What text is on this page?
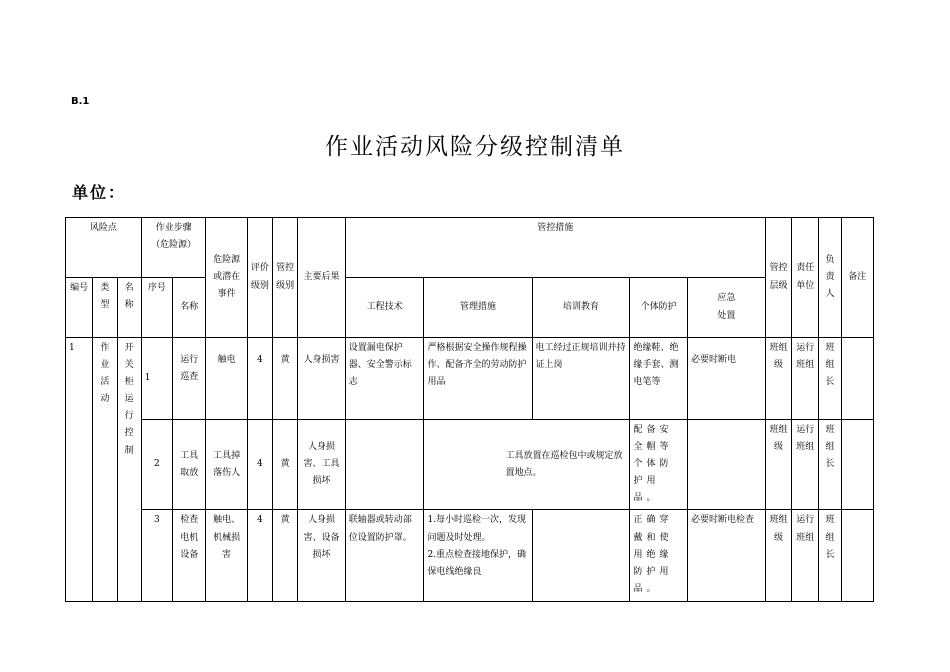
B.1
作业活动风险分级控制清单
单位：
风险点			作业步骤
（危险源）		危险源或潜在事件	评价级别	管控级别	主要后果	管控措施					管控层级	责任单位	负责人	备注
编号	类型	名称	序号	名称					工程技术	管理措施	培训教育	个体防护	应急
处置				

1	作业活动	开关柜运行控制	1	运行巡查	触电	4	黄	人身损害	设置漏电保护器、安全警示标志	严格根据安全操作规程操作、配备齐全的劳动防护用品	电工经过正规培训并持证上岗	绝缘鞋、绝缘手套、测电笔等	必要时断电	班组级	运行班组	班组长	
			2	工具取放	工具掉落伤人	4	黄	人身损害、工具损坏		工具放置在巡检包中或规定放置地点。		配备安全帽等个体防护用品。		班组级	运行班组	班组长	
			3	检查电机设备	触电、机械损害	4	黄	人身损害、设备损坏	联轴器或转动部位设置防护罩。	1.每小时巡检一次，发现问题及时处理。
2.重点检查接地保护，确保电线绝缘良		正确穿戴和使用绝缘防护用品。	必要时断电检查	班组级	运行班组	班组长	
